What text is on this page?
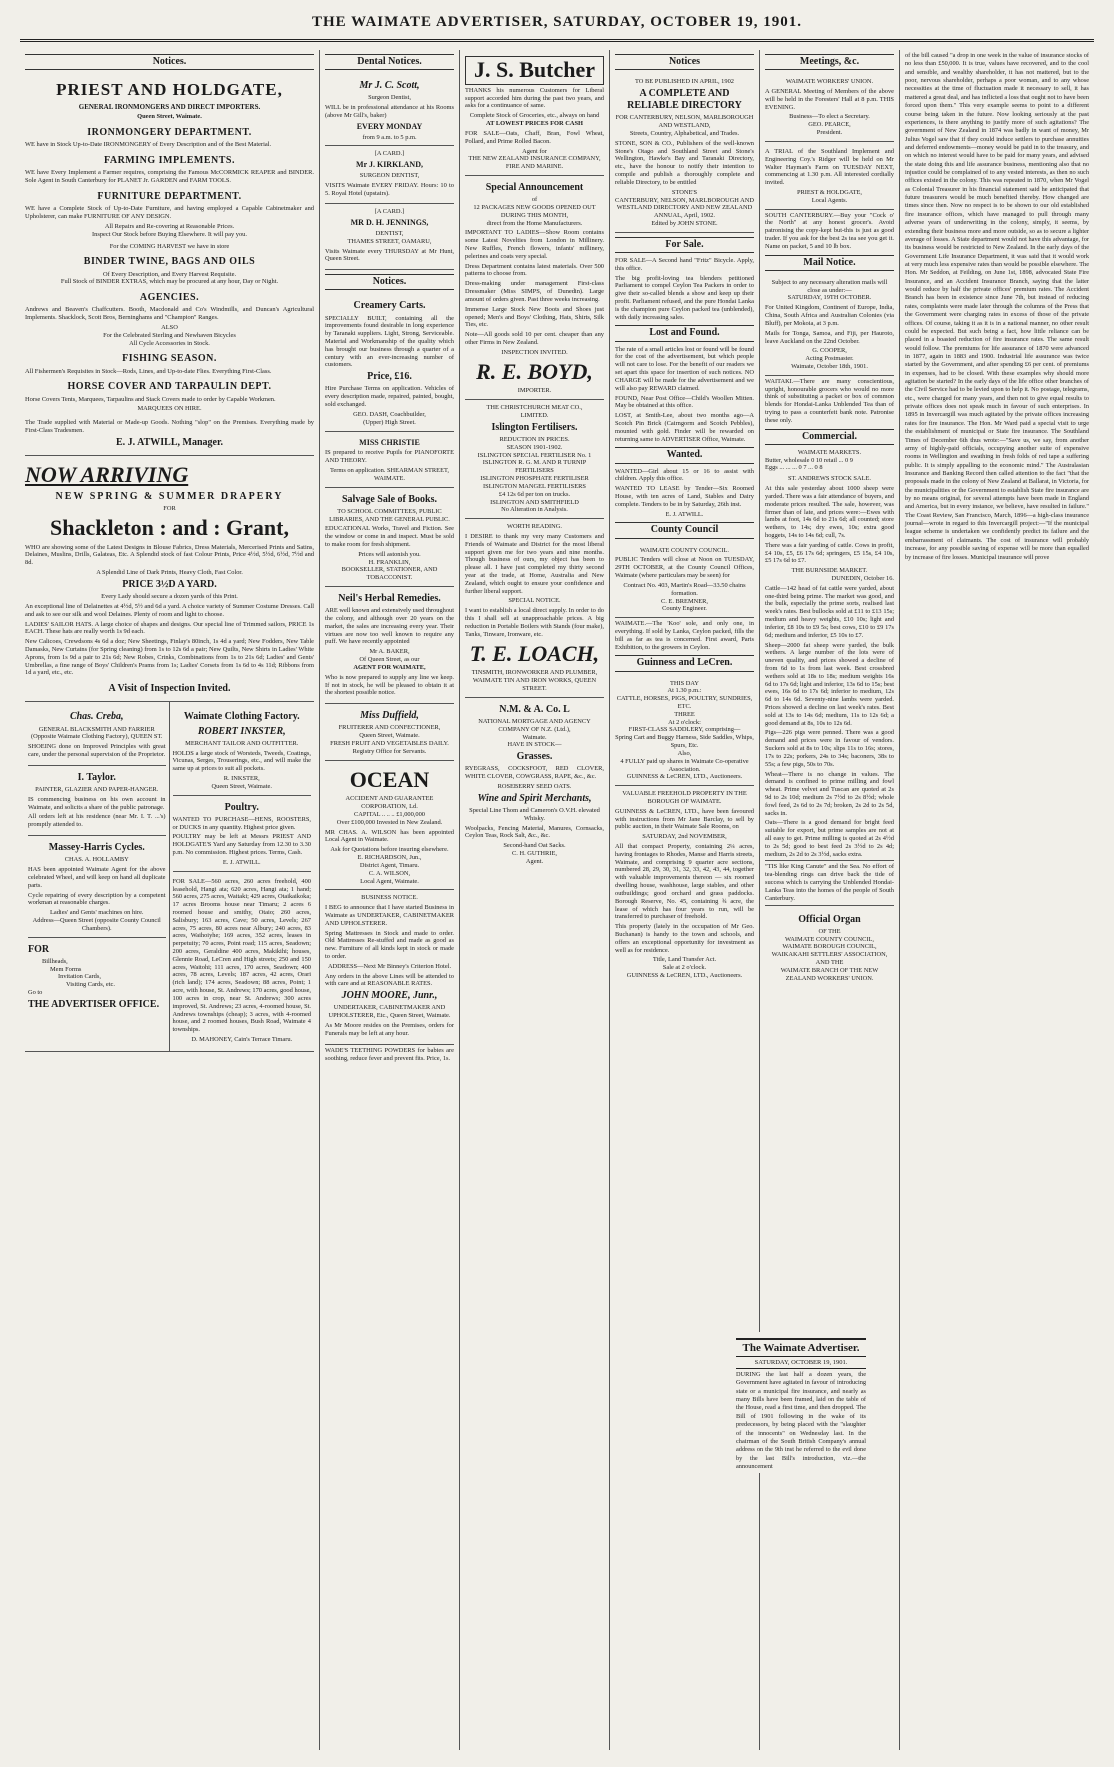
THE WAIMATE ADVERTISER, SATURDAY, OCTOBER 19, 1901.
Notices.
PRIEST AND HOLDGATE,
GENERAL IRONMONGERS AND DIRECT IMPORTERS.
Queen Street, Waimate.
IRONMONGERY DEPARTMENT.

WE have in Stock Up-to-Date IRONMONGERY of Every Description and of the Best Material.

FARMING IMPLEMENTS.

WE have Every Implement a Farmer requires, comprising the Famous McCORMICK REAPER and BINDER. Sole Agent in South Canterbury for PLANET Jr. GARDEN and FARM TOOLS.

FURNITURE DEPARTMENT.

WE have a Complete Stock of Up-to-Date Furniture, and having employed a Capable Cabinetmaker and Upholsterer, can make FURNITURE OF ANY DESIGN.

All Repairs and Re-covering at Reasonable Prices.
Inspect Our Stock before Buying Elsewhere. It will pay you.
For the COMING HARVEST we have in store
BINDER TWINE, BAGS AND OILS
Of Every Description, and Every Harvest Requisite.
Full Stock of BINDER EXTRAS, which may be procured at any hour, Day or Night.
AGENCIES.

Andrews and Beaven's Chaffcutters. Booth, Macdonald and Co's Windmills, and Duncan's Agricultural Implements. Shacklock, Scott Bros, Berninghams and "Champion" Ranges.

ALSO
For the Celebrated Sterling and Newhaven Bicycles
All Cycle Accessories in Stock.
FISHING SEASON.

All Fishermen's Requisites in Stock—Rods, Lines, and Up-to-date Flies. Everything First-Class.

HORSE COVER AND TARPAULIN DEPT.

Horse Covers Tents, Marquees, Tarpaulins and Stack Covers made to order by Capable Workmen.

MARQUEES ON HIRE.

The Trade supplied with Material or Made-up Goods. Nothing "slop" on the Premises. Everything made by First-Class Tradesmen.

E. J. ATWILL, Manager.
NOW ARRIVING
NEW SPRING & SUMMER DRAPERY
FOR
Shackleton : and : Grant,

WHO are showing some of the Latest Designs in Blouse Fabrics, Dress Materials, Mercerised Prints and Satins, Delaines, Muslins, Drills, Galateas, Etc. A Splendid stock of fast Colour Prints, Price 4½d, 5½d, 6½d, 7½d and 8d.

A Splendid Line of Dark Prints, Heavy Cloth, Fast Color.
PRICE 3½D A YARD.
Every Lady should secure a dozen yards of this Print.

An exceptional line of Delainettes at 4½d, 5½ and 6d a yard. A choice variety of Summer Costume Dresses. Call and ask to see our silk and wool Delaines. Plenty of room and light to choose.

LADIES' SAILOR HATS. A large choice of shapes and designs. Our special line of Trimmed sailors, PRICE 1s EACH. These hats are really worth 1s 9d each.

New Calicoes, Crewdsons 4s 6d a doz; New Sheetings, Finlay's 80inch, 1s 4d a yard; New Fodders, New Table Damasks, New Curtains (for Spring cleaning) from 1s to 12s 6d a pair; New Quilts, New Shirts in Ladies' White Aprons, from 1s 9d a pair to 21s 6d; New Robes, Crinks, Combinations from 1s to 21s 6d; Ladies' and Gents' Umbrellas, a fine range of Boys' Children's Prams from 1s; Ladies' Corsets from 1s 6d to 4s 11d; Ribbons from 1d a yard, etc., etc.

A Visit of Inspection Invited.
Chas. Creba,
GENERAL BLACKSMITH AND FARRIER
(Opposite Waimate Clothing Factory), QUEEN ST.

SHOEING done on Improved Principles with great care, under the personal supervision of the Proprietor.

I. Taylor.
PAINTER, GLAZIER AND PAPER-HANGER.

IS commencing business on his own account in Waimate, and solicits a share of the public patronage.

All orders left at his residence (near Mr. I. T. ...'s) promptly attended to.

Massey-Harris Cycles.
CHAS. A. HOLLAMBY

HAS been appointed Waimate Agent for the above celebrated Wheel, and will keep on hand all duplicate parts.

Cycle repairing of every description by a competent workman at reasonable charges.

Ladies' and Gents' machines on hire.
Address—Queen Street (opposite County Council Chambers).
FOR
Billheads,
Mem Forms
Invitation Cards,
Visiting Cards, etc.
Go to
THE ADVERTISER OFFICE.
Waimate Clothing Factory.
ROBERT INKSTER,
MERCHANT TAILOR AND OUTFITTER.

HOLDS a large stock of Worsteds, Tweeds, Coatings, Vicunas, Serges, Trouserings, etc., and will make the same up at prices to suit all pockets.

R. INKSTER,
Queen Street, Waimate.
Poultry.

WANTED TO PURCHASE—HENS, ROOSTERS, or DUCKS in any quantity. Highest price given.

POULTRY may be left at Messrs PRIEST AND HOLDGATE'S Yard any Saturday from 12.30 to 3.30 p.m. No commission. Highest prices. Terms, Cash.

E. J. ATWILL.

FOR SALE—560 acres, 260 acres freehold, 400 leasehold, Hangi ata; 620 acres, Hangi ata; 1 hand; 560 acres, 275 acres, Waitaki; 429 acres, Otaikaikoka; 17 acres Brooms house near Timaru; 2 acres 6 roomed house and smithy, Otaio; 260 acres, Salisbury; 163 acres, Cave; 50 acres, Levels; 267 acres, 75 acres, 80 acres near Albury; 240 acres, 83 acres, Waihoiyhe; 169 acres, 352 acres, leases in perpetuity; 70 acres, Point road; 115 acres, Seadown; 200 acres, Geraldine 400 acres, Makikihi; houses, Glennie Road, LeCren and High streets; 250 and 150 acres, Waitohi; 111 acres, 170 acres, Seadown; 400 acres, 78 acres, Levels; 187 acres, 42 acres, Orari (rich land); 174 acres, Seadown; 88 acres, Point; 1 acre, with house, St. Andrews; 170 acres, good house, 100 acres in crop, near St. Andrews; 300 acres improved, St. Andrews; 23 acres, 4-roomed house, St. Andrews townships (cheap); 3 acres, with 4-roomed house, and 2 roomed houses, Bush Road, Waimate 4 townships.

D. MAHONEY, Cain's Terrace Timaru.
Dental Notices.
Mr J. C. Scott,
Surgeon Dentist,

WILL be in professional attendance at his Rooms (above Mr Gill's, baker)

EVERY MONDAY
from 9 a.m. to 5 p.m.
[A CARD.]
Mr J. KIRKLAND,
SURGEON DENTIST,

VISITS Waimate EVERY FRIDAY. Hours: 10 to 5. Royal Hotel (upstairs).

[A CARD.]
MR D. H. JENNINGS,
DENTIST,
THAMES STREET, OAMARU,

Visits Waimate every THURSDAY at Mr Hunt, Queen Street.

Notices.
Creamery Carts.

SPECIALLY BUILT, containing all the improvements found desirable in long experience by Taranaki suppliers. Light, Strong, Serviceable. Material and Workmanship of the quality which has brought our business through a quarter of a century with an ever-increasing number of customers.

Price, £16.

Hire Purchase Terms on application. Vehicles of every description made, repaired, painted, bought, sold exchanged.

GEO. DASH, Coachbuilder,
(Upper) High Street.
MISS CHRISTIE

IS prepared to receive Pupils for PIANOFORTE AND THEORY.

Terms on application. SHEARMAN STREET, WAIMATE.
Salvage Sale of Books.
TO SCHOOL COMMITTEES, PUBLIC LIBRARIES, AND THE GENERAL PUBLIC.

EDUCATIONAL Works, Travel and Fiction. See the window or come in and inspect. Must be sold to make room for fresh shipment.

Prices will astonish you.
H. FRANKLIN,
BOOKSELLER, STATIONER, AND TOBACCONIST.
Neil's Herbal Remedies.

ARE well known and extensively used throughout the colony, and although over 20 years on the market, the sales are increasing every year. Their virtues are now too well known to require any puff. We have recently appointed

Mr A. BAKER,
Of Queen Street, as our
AGENT FOR WAIMATE,

Who is now prepared to supply any line we keep. If not in stock, he will be pleased to obtain it at the shortest possible notice.

Miss Duffield,
FRUITERER AND CONFECTIONER,
Queen Street, Waimate.
FRESH FRUIT AND VEGETABLES DAILY.
Registry Office for Servants.
OCEAN
ACCIDENT AND GUARANTEE CORPORATION, Ld.
CAPITAL .. .. .. £1,000,000
Over £100,000 Invested in New Zealand.

MR CHAS. A. WILSON has been appointed Local Agent in Waimate.

Ask for Quotations before insuring elsewhere.
E. RICHARDSON, Jun.,
District Agent, Timaru.
C. A. WILSON,
Local Agent, Waimate.
BUSINESS NOTICE.

I BEG to announce that I have started Business in Waimate as UNDERTAKER, CABINETMAKER AND UPHOLSTERER.

Spring Mattresses in Stock and made to order. Old Mattresses Re-stuffed and made as good as new. Furniture of all kinds kept in stock or made to order.

ADDRESS—Next Mr Binney's Criterion Hotel.

Any orders in the above Lines will be attended to with care and at REASONABLE RATES.

JOHN MOORE, Junr.,
UNDERTAKER, CABINETMAKER AND UPHOLSTERER, Etc., Queen Street, Waimate.

As Mr Moore resides on the Premises, orders for Funerals may be left at any hour.

WADE'S TEETHING POWDERS for babies are soothing, reduce fever and prevent fits. Price, 1s.

J. S. Butcher

THANKS his numerous Customers for Liberal support accorded him during the past two years, and asks for a continuance of same.

Complete Stock of Groceries, etc., always on hand
AT LOWEST PRICES FOR CASH

FOR SALE—Oats, Chaff, Bran, Fowl Wheat, Pollard, and Prime Rolled Bacon.

Agent for
THE NEW ZEALAND INSURANCE COMPANY, FIRE AND MARINE.
Special Announcement
of
12 PACKAGES NEW GOODS OPENED OUT DURING THIS MONTH,
direct from the Home Manufacturers.

IMPORTANT TO LADIES—Show Room contains some Latest Novelties from London in Millinery. New Ruffles, French flowers, infants' millinery, pelerines and coats very special.

Dress Department contains latest materials. Over 500 patterns to choose from.

Dress-making under management First-class Dressmaker (Miss SIMPS, of Dunedin). Large amount of orders given. Past three weeks increasing.

Immense Large Stock New Boots and Shoes just opened; Men's and Boys' Clothing, Hats, Shirts, Silk Ties, etc.

Note—All goods sold 10 per cent. cheaper than any other Firms in New Zealand.

INSPECTION INVITED.
R. E. BOYD,
IMPORTER.
THE CHRISTCHURCH MEAT CO.,
LIMITED.
Islington Fertilisers.
REDUCTION IN PRICES.
SEASON 1901-1902.
ISLINGTON SPECIAL FERTILISER No. 1
ISLINGTON R. G. M. AND R TURNIP FERTILISERS
ISLINGTON PHOSPHATE FERTILISER
ISLINGTON MANGEL FERTILISERS
£4 12s 6d per ton on trucks.
ISLINGTON AND SMITHFIELD
No Alteration in Analysis.
WORTH READING.

I DESIRE to thank my very many Customers and Friends of Waimate and District for the most liberal support given me for two years and nine months. Though business of ours, my object has been to please all. I have just completed my thirty second year at the trade, at Home, Australia and New Zealand, which ought to ensure your confidence and further liberal support.

SPECIAL NOTICE.

I want to establish a local direct supply. In order to do this I shall sell at unapproachable prices. A big reduction in Portable Boilers with Stands (four make), Tanks, Tinware, Ironware, etc.

T. E. LOACH,
TINSMITH, IRONWORKER AND PLUMBER,
WAIMATE TIN AND IRON WORKS, QUEEN STREET.
N.M. & A. Co. L
NATIONAL MORTGAGE AND AGENCY COMPANY OF N.Z. (Ltd.),
Waimate.
HAVE IN STOCK—
Grasses.

RYEGRASS, COCKSFOOT, RED CLOVER, WHITE CLOVER, COWGRASS, RAPE, &c., &c.

ROSEBERRY SEED OATS.
Wine and Spirit Merchants,
Special Line Thom and Cameron's O.V.H. elevated Whisky.

Woolpacks, Fencing Material, Manures, Cornsacks, Ceylon Teas, Rock Salt, &c., &c.

Second-hand Oat Sacks.
C. H. GUTHRIE,
Agent.
Notices
TO BE PUBLISHED IN APRIL, 1902
A COMPLETE AND RELIABLE DIRECTORY
FOR CANTERBURY, NELSON, MARLBOROUGH AND WESTLAND,
Streets, Country, Alphabetical, and Trades.

STONE, SON & CO., Publishers of the well-known Stone's Otago and Southland Street and Stone's Wellington, Hawke's Bay and Taranaki Directory, etc., have the honour to notify their intention to compile and publish a thoroughly complete and reliable Directory, to be entitled

STONE'S
CANTERBURY, NELSON, MARLBOROUGH AND WESTLAND DIRECTORY AND NEW ZEALAND ANNUAL, April, 1902.
Edited by JOHN STONE.
For Sale.

FOR SALE—A Second hand "Fritz" Bicycle. Apply, this office.

The big profit-loving tea blenders petitioned Parliament to compel Ceylon Tea Packers in order to give their so-called blends a show and keep up their profit. Parliament refused, and the pure Hondai Lanka is the champion pure Ceylon packed tea (unblended), with daily increasing sales.

Lost and Found.

The rate of a small articles lost or found will be found for the cost of the advertisement, but which people will not care to lose. For the benefit of our readers we set apart this space for insertion of such notices. NO CHARGE will be made for the advertisement and we will also pay REWARD claimed.

FOUND, Near Post Office—Child's Woollen Mitten. May be obtained at this office.

LOST, at Smith-Lee, about two months ago—A Scotch Pin Brick (Cairngorm and Scotch Pebbles), mounted with gold. Finder will be rewarded on returning same to ADVERTISER Office, Waimate.

Wanted.

WANTED—Girl about 15 or 16 to assist with children. Apply this office.

WANTED TO LEASE by Tender—Six Roomed House, with ten acres of Land, Stables and Dairy complete. Tenders to be in by Saturday, 26th inst.

E. J. ATWILL.
County Council
WAIMATE COUNTY COUNCIL.

PUBLIC Tenders will close at Noon on TUESDAY, 29TH OCTOBER, at the County Council Offices, Waimate (where particulars may be seen) for

Contract No. 403, Martin's Road—33.50 chains formation.
C. E. BREMNER,
County Engineer.

WAIMATE.—The 'Koo' sole, and only one, in everything. If sold by Lanka, Ceylon packed, fills the bill as far as tea is concerned. First award, Paris Exhibition, to the growers in Ceylon.

Guinness and LeCren.
THIS DAY
At 1.30 p.m.:
CATTLE, HORSES, PIGS, POULTRY, SUNDRIES, ETC.
THREE
At 2 o'clock:
FIRST-CLASS SADDLERY, comprising—
Spring Cart and Buggy Harness, Side Saddles, Whips, Spurs, Etc.
Also,
4 FULLY paid up shares in Waimate Co-operative Association.
GUINNESS & LeCREN, LTD., Auctioneers.
VALUABLE FREEHOLD PROPERTY IN THE BOROUGH OF WAIMATE.

GUINNESS & LeCREN, LTD., have been favoured with instructions from Mr Jane Barclay, to sell by public auction, in their Waimate Sale Rooms, on

SATURDAY, 2nd NOVEMBER,

All that compact Property, containing 2¼ acres, having frontages to Rhodes, Manse and Harris streets, Waimate, and comprising 9 quarter acre sections, numbered 28, 29, 30, 31, 32, 33, 42, 43, 44, together with valuable improvements thereon — six roomed dwelling house, washhouse, large stables, and other outbuildings; good orchard and grass paddocks. Borough Reserve, No. 45, containing ¾ acre, the lease of which has four years to run, will be transferred to purchaser of freehold.

This property (lately in the occupation of Mr Geo. Buchanan) is handy to the town and schools, and offers an exceptional opportunity for investment as well as for residence.

Title, Land Transfer Act.
Sale at 2 o'clock.
GUINNESS & LeCREN, LTD., Auctioneers.
Meetings, &c.
WAIMATE WORKERS' UNION.

A GENERAL Meeting of Members of the above will be held in the Foresters' Hall at 8 p.m. THIS EVENING.

Business—To elect a Secretary.
GEO. PEARCE,
President.

A TRIAL of the Southland Implement and Engineering Coy.'s Ridger will be held on Mr Walter Hayman's Farm on TUESDAY NEXT, commencing at 1.30 p.m. All interested cordially invited.

PRIEST & HOLDGATE,
Local Agents.

SOUTH CANTERBURY.—Buy your "Cock o' the North" at any honest grocer's. Avoid patronising the copy-kept but-this is just as good trader. If you ask for the best 2s tea see you get it. Name on packet, 5 and 10 lb box.

Mail Notice.
Subject to any necessary alteration mails will close as under:—
SATURDAY, 19TH OCTOBER.

For United Kingdom, Continent of Europe, India, China, South Africa and Australian Colonies (via Bluff), per Mokoia, at 3 p.m.

Mails for Tonga, Samoa, and Fiji, per Hauroto, leave Auckland on the 22nd October.

G. COOPER,
Acting Postmaster.
Waimate, October 18th, 1901.

WAITAKI.—There are many conscientious, upright, honourable grocers who would no more think of substituting a packet or box of common blends for Hondai-Lanka Unblended Tea than of trying to pass a counterfeit bank note. Patronise these only.

Commercial.
WAIMATE MARKETS.
Butter, wholesale 0 10 retail ... 0 9
Eggs ... ... ... 0 7 ... 0 8
ST. ANDREWS STOCK SALE.

At this sale yesterday about 1000 sheep were yarded. There was a fair attendance of buyers, and moderate prices resulted. The sale, however, was firmer than of late, and prices were:—Ewes with lambs at foot, 14s 6d to 21s 6d; all counted; store wethers, to 14s; dry ewes, 10s; extra good hoggets, 14s to 14s 6d; cull, 7s.

There was a fair yarding of cattle. Cows in profit, £4 10s, £5, £6 17s 6d; springers, £5 15s, £4 10s, £5 17s 6d to £7.

THE BURNSIDE MARKET.
DUNEDIN, October 16.

Cattle—142 head of fat cattle were yarded, about one-third being prime. The market was good, and the bulk, especially the prime sorts, realised last week's rates. Best bullocks sold at £11 to £13 15s; medium and heavy weights, £10 10s; light and inferior, £8 10s to £9 5s; best cows, £10 to £9 17s 6d; medium and inferior, £5 10s to £7.

Sheep—2000 fat sheep were yarded, the bulk wethers. A large number of the lots were of uneven quality, and prices showed a decline of from 6d to 1s from last week. Best crossbred wethers sold at 18s to 18s; medium weights 16s 6d to 17s 6d; light and inferior, 13s 6d to 15s; best ewes, 16s 6d to 17s 6d; inferior to medium, 12s 6d to 14s 6d. Seventy-nine lambs were yarded. Prices showed a decline on last week's rates. Best sold at 13s to 14s 6d; medium, 11s to 12s 6d; a good demand at 8s, 10s to 12s 6d.

Pigs—226 pigs were penned. There was a good demand and prices were in favour of vendors. Suckers sold at 8s to 10s; slips 11s to 16s; stores, 17s to 22s; porkers, 24s to 34s; baconers, 38s to 55s; a few pigs, 50s to 70s.

Wheat—There is no change in values. The demand is confined to prime milling and fowl wheat. Prime velvet and Tuscan are quoted at 2s 9d to 2s 10d; medium 2s 7½d to 2s 8½d; whole fowl feed, 2s 6d to 2s 7d; broken, 2s 2d to 2s 5d, sacks in.

Oats—There is a good demand for bright feed suitable for export, but prime samples are not at all easy to get. Prime milling is quoted at 2s 4½d to 2s 5d; good to best feed 2s 3½d to 2s 4d; medium, 2s 2d to 2s 3½d, sacks extra.

"TIS like King Canute" and the Sea. No effort of tea-blending rings can drive back the tide of success which is carrying the Unblended Hondai-Lanka Teas into the homes of the people of South Canterbury.

Official Organ
OF THE
WAIMATE COUNTY COUNCIL,
WAIMATE BOROUGH COUNCIL,
WAIKAKAHI SETTLERS' ASSOCIATION,
AND THE
WAIMATE BRANCH OF THE NEW ZEALAND WORKERS' UNION.

of the bill caused "a drop in one week in the value of insurance stocks of no less than £50,000. It is true, values have recovered, and to the cool and sensible, and wealthy shareholder, it has not mattered, but to the poor, nervous shareholder, perhaps a poor woman, and to any whose necessities at the time of fluctuation made it necessary to sell, it has mattered a great deal, and has inflicted a loss that ought not to have been forced upon them." This very example seems to point to a different course being taken in the future. Now looking seriously at the past experiences, is there anything to justify more of such agitations? The government of New Zealand in 1874 was badly in want of money, Mr Julius Vogel saw that if they could induce settlers to purchase annuities and deferred endowments—money would be paid in to the treasury, and on which no interest would have to be paid for many years, and advised the state doing this and life assurance business, mentioning also that no injustice could be complained of to any vested interests, as then no such offices existed in the colony. This was repeated in 1870, when Mr Vogel as Colonial Treasurer in his financial statement said he anticipated that future treasurers would be much benefited thereby. How changed are times since then. Now no respect is to be shown to our old established fire insurance offices, which have managed to pull through many adverse years of underwriting in the colony, simply, it seems, by extending their business more and more outside, so as to secure a lighter average of losses. A State department would not have this advantage, for its business would be restricted to New Zealand. In the early days of the Government Life Insurance Department, it was said that it would work at very much less expensive rates than would be possible elsewhere. The Hon. Mr Seddon, at Feilding, on June 1st, 1898, advocated State Fire Insurance, and an Accident Insurance Branch, saying that the latter would reduce by half the private offices' premium rates. The Accident Branch has been in existence since June 7th, but instead of reducing rates, complaints were made later through the columns of the Press that the Government were charging rates in excess of those of the private offices. Of course, taking it as it is in a national manner, no other result could be expected. But such being a fact, how little reliance can be placed in a boasted reduction of fire insurance rates. The same result would follow. The premiums for life assurance of 1870 were advanced in 1877, again in 1883 and 1900. Industrial life assurance was twice started by the Government, and after spending £6 per cent. of premiums in expenses, had to be closed. With these examples why should more agitation be started? In the early days of the life office other branches of the Civil Service had to be levied upon to help it. No postage, telegrams, etc., were charged for many years, and then not to give equal results to private offices does not speak much in favour of such enterprises. In 1895 in Invercargill was much agitated by the private offices increasing rates for fire insurance. The Hon. Mr Ward paid a special visit to urge the establishment of municipal or State fire insurance. The Southland Times of December 6th thus wrote:—"Save us, we say, from another army of highly-paid officials, occupying another suite of expensive rooms in Wellington and swathing in fresh folds of red tape a suffering public. It is simply appalling to the economic mind." The Australasian Insurance and Banking Record then called attention to the fact "that the proposals made in the colony of New Zealand at Ballarat, in Victoria, for the municipalities or the Government to establish State fire insurance are by no means original, for several attempts have been made in England and America, but in every instance, we believe, have resulted in failure." The Coast Review, San Francisco, March, 1896—a high-class insurance journal—wrote in regard to this Invercargill project:—"If the municipal league scheme is undertaken we confidently predict its failure and the embarrassment of claimants. The cost of insurance will probably increase, for any possible saving of expense will be more than equalled by increase of fire losses. Municipal insurance will prove

The Waimate Advertiser.
SATURDAY, OCTOBER 19, 1901.

DURING the last half a dozen years, the Government have agitated in favour of introducing state or a municipal fire insurance, and nearly as many Bills have been framed, laid on the table of the House, read a first time, and then dropped. The Bill of 1901 following in the wake of its predecessors, by being placed with the "slaughter of the innocents" on Wednesday last. In the chairman of the South British Company's annual address on the 9th inst he referred to the evil done by the last Bill's introduction, viz.—the announcement
